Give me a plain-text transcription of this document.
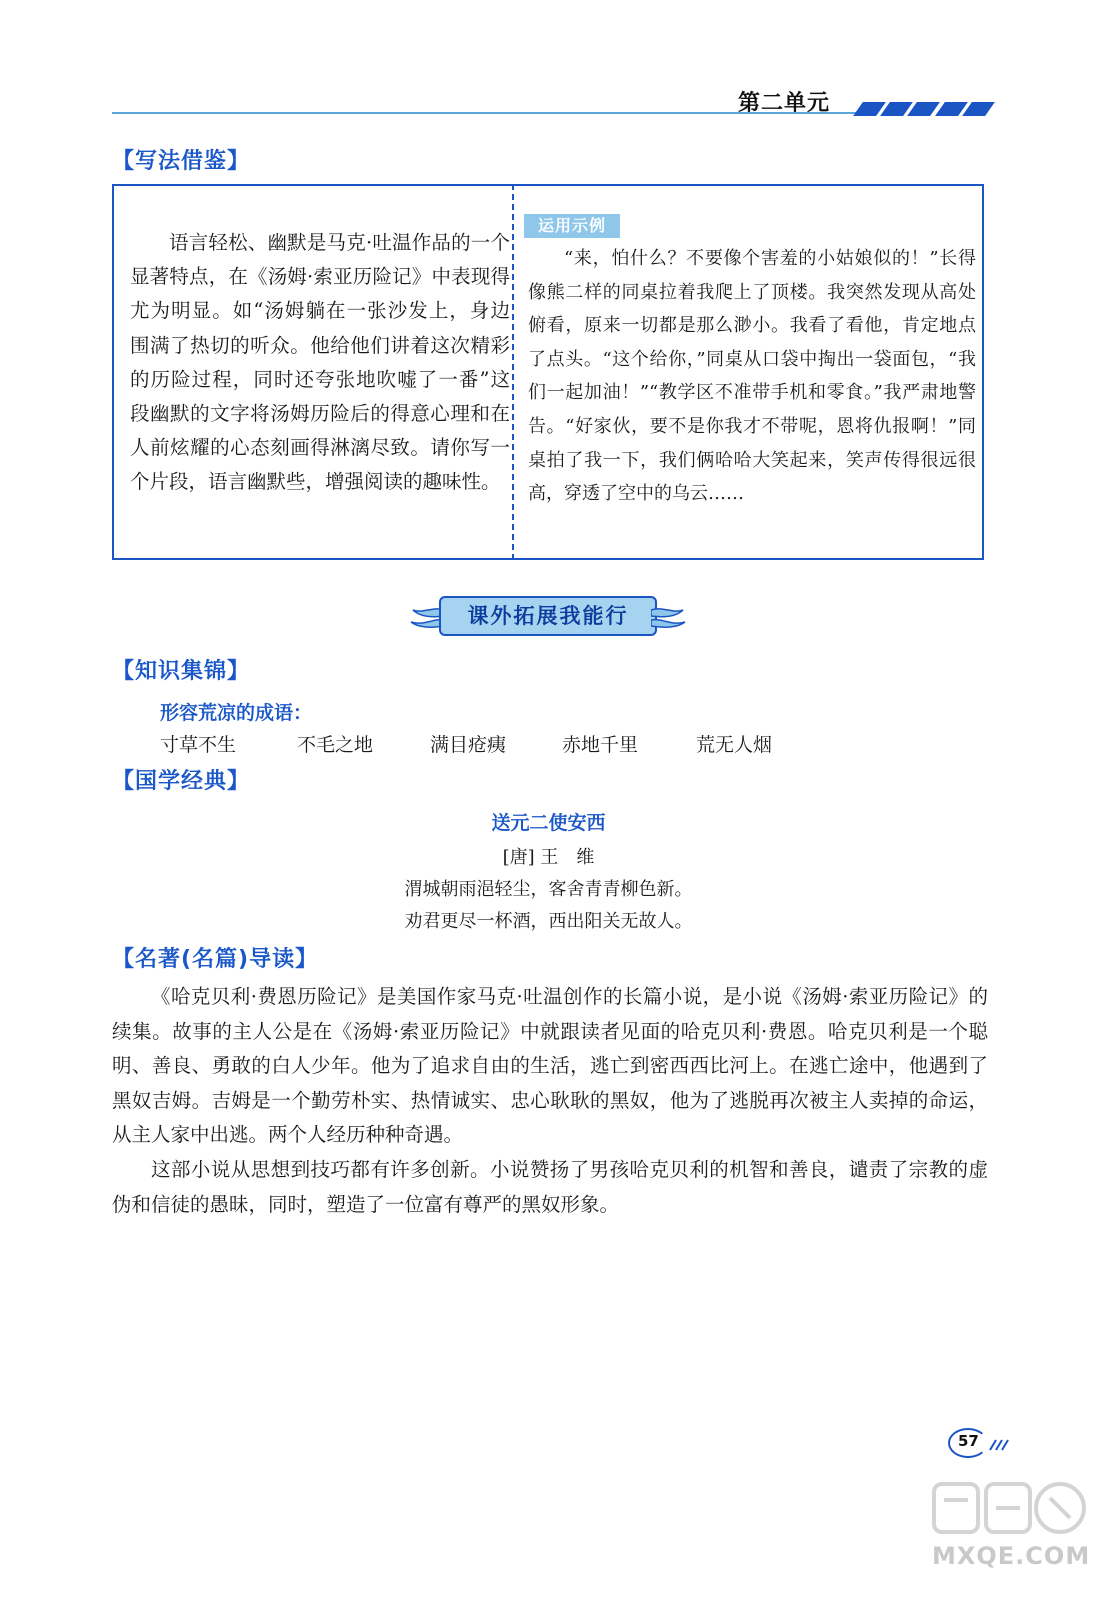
第二单元
【写法借鉴】
语言轻松、幽默是马克·吐温作品的一个显著特点，在《汤姆·索亚历险记》中表现得尤为明显。如“汤姆躺在一张沙发上，身边围满了热切的听众。他给他们讲着这次精彩的历险过程，同时还夸张地吹嘘了一番”这段幽默的文字将汤姆历险后的得意心理和在人前炫耀的心态刻画得淋漓尽致。请你写一个片段，语言幽默些，增强阅读的趣味性。
运用示例
“来，怕什么？不要像个害羞的小姑娘似的！”长得像熊二样的同桌拉着我爬上了顶楼。我突然发现从高处俯看，原来一切都是那么渺小。我看了看他，肯定地点了点头。“这个给你，”同桌从口袋中掏出一袋面包，“我们一起加油！”“教学区不准带手机和零食。”我严肃地警告。“好家伙，要不是你我才不带呢，恩将仇报啊！”同桌拍了我一下，我们俩哈哈大笑起来，笑声传得很远很高，穿透了空中的乌云……
课外拓展我能行
【知识集锦】
形容荒凉的成语：
寸草不生	不毛之地	满目疮痍	赤地千里	荒无人烟
【国学经典】
送元二使安西
[唐] 王　维
渭城朝雨浥轻尘，客舍青青柳色新。
劝君更尽一杯酒，西出阳关无故人。
【名著(名篇)导读】

《哈克贝利·费恩历险记》是美国作家马克·吐温创作的长篇小说，是小说《汤姆·索亚历险记》的续集。故事的主人公是在《汤姆·索亚历险记》中就跟读者见面的哈克贝利·费恩。哈克贝利是一个聪明、善良、勇敢的白人少年。他为了追求自由的生活，逃亡到密西西比河上。在逃亡途中，他遇到了黑奴吉姆。吉姆是一个勤劳朴实、热情诚实、忠心耿耿的黑奴，他为了逃脱再次被主人卖掉的命运，从主人家中出逃。两个人经历种种奇遇。

这部小说从思想到技巧都有许多创新。小说赞扬了男孩哈克贝利的机智和善良，谴责了宗教的虚伪和信徒的愚昧，同时，塑造了一位富有尊严的黑奴形象。

57
MXQE.COM
